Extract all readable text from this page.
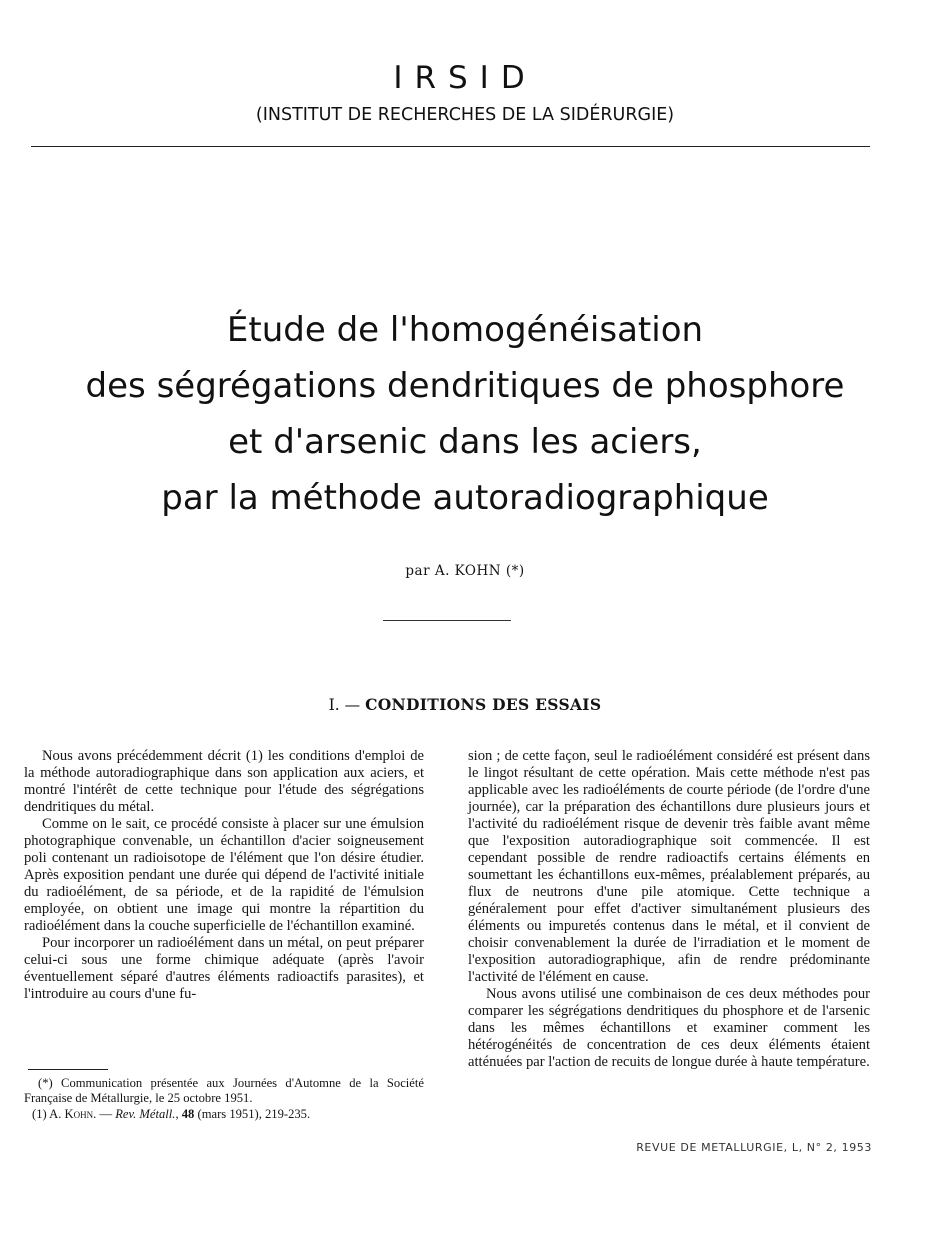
IRSID
(INSTITUT DE RECHERCHES DE LA SIDÉRURGIE)
Étude de l'homogénéisation
des ségrégations dendritiques de phosphore
et d'arsenic dans les aciers,
par la méthode autoradiographique
par A. KOHN (*)
I. — CONDITIONS DES ESSAIS

Nous avons précédemment décrit (1) les conditions d'emploi de la méthode autoradiographique dans son application aux aciers, et montré l'intérêt de cette technique pour l'étude des ségrégations dendritiques du métal.

Comme on le sait, ce procédé consiste à placer sur une émulsion photographique convenable, un échantillon d'acier soigneusement poli contenant un radioisotope de l'élément que l'on désire étudier. Après exposition pendant une durée qui dépend de l'activité initiale du radioélément, de sa période, et de la rapidité de l'émulsion employée, on obtient une image qui montre la répartition du radioélément dans la couche superficielle de l'échantillon examiné.

Pour incorporer un radioélément dans un métal, on peut préparer celui-ci sous une forme chimique adéquate (après l'avoir éventuellement séparé d'autres éléments radioactifs parasites), et l'introduire au cours d'une fu-

sion ; de cette façon, seul le radioélément considéré est présent dans le lingot résultant de cette opération. Mais cette méthode n'est pas applicable avec les radioéléments de courte période (de l'ordre d'une journée), car la préparation des échantillons dure plusieurs jours et l'activité du radioélément risque de devenir très faible avant même que l'exposition autoradiographique soit commencée. Il est cependant possible de rendre radioactifs certains éléments en soumettant les échantillons eux-mêmes, préalablement préparés, au flux de neutrons d'une pile atomique. Cette technique a généralement pour effet d'activer simultanément plusieurs des éléments ou impuretés contenus dans le métal, et il convient de choisir convenablement la durée de l'irradiation et le moment de l'exposition autoradiographique, afin de rendre prédominante l'activité de l'élément en cause.

Nous avons utilisé une combinaison de ces deux méthodes pour comparer les ségrégations dendritiques du phosphore et de l'arsenic dans les mêmes échantillons et examiner comment les hétérogénéités de concentration de ces deux éléments étaient atténuées par l'action de recuits de longue durée à haute température.

(*) Communication présentée aux Journées d'Automne de la Société Française de Métallurgie, le 25 octobre 1951.

(1) A. Kohn. — Rev. Métall., 48 (mars 1951), 219-235.

REVUE DE METALLURGIE, L, N° 2, 1953
